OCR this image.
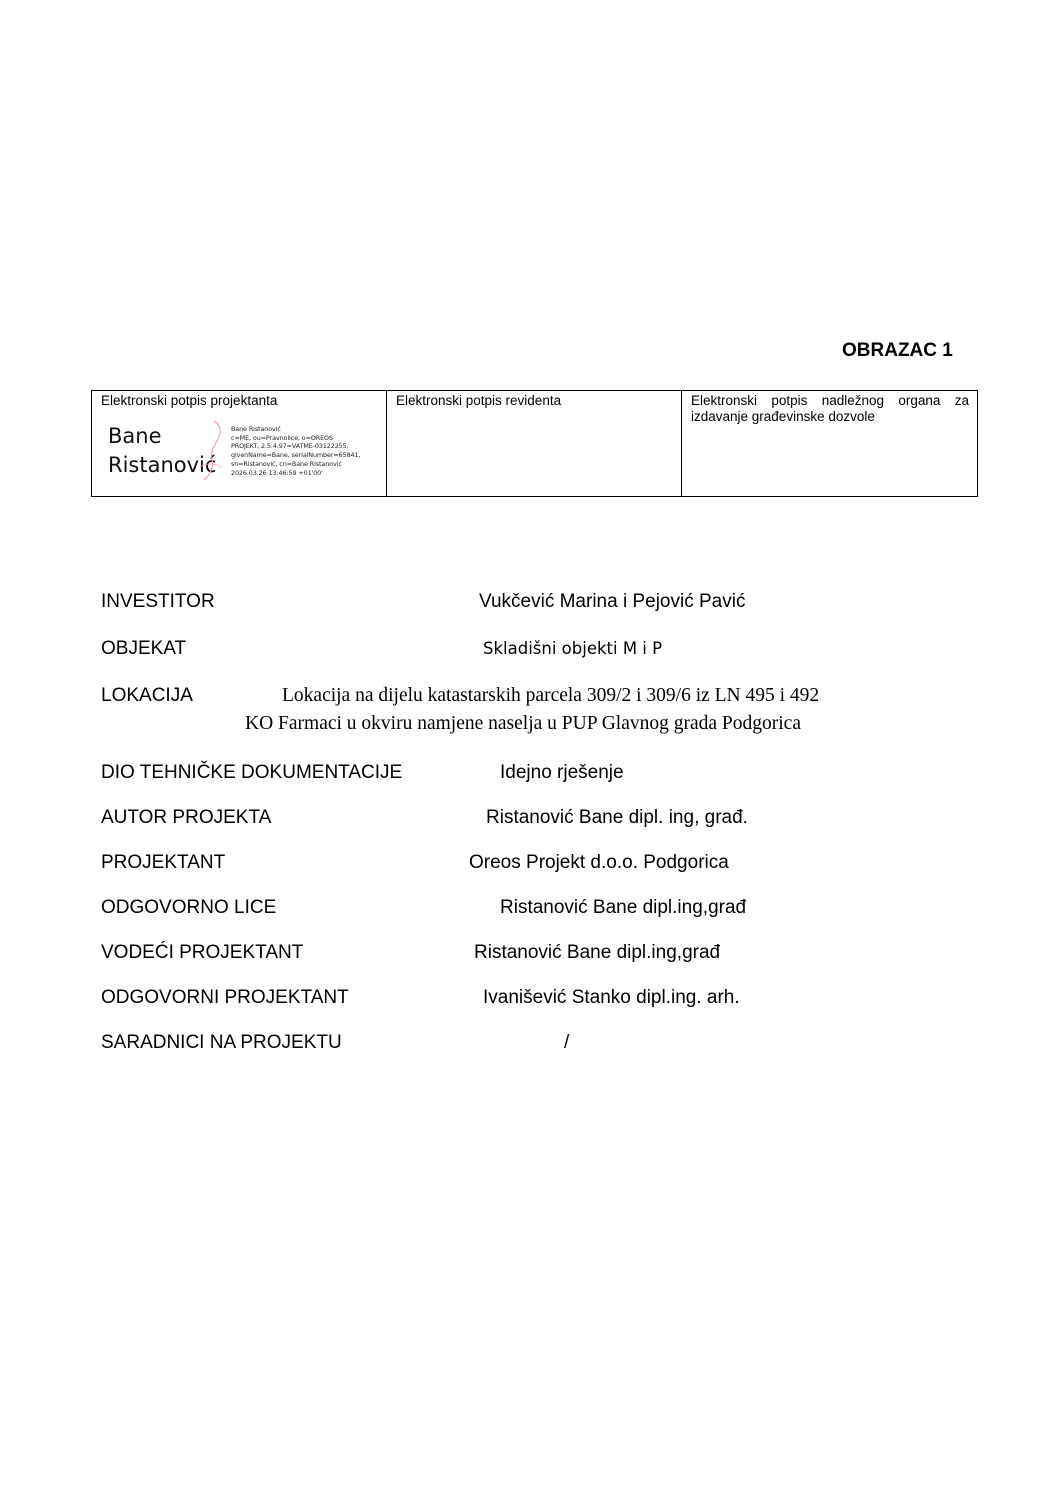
OBRAZAC 1
Elektronski potpis projektanta
Bane
Ristanović
Bane Ristanović
c=ME, ou=Pravnolice, o=OREOS
PROJEKT, 2.5.4.97=VATME-03122255,
givenName=Bane, serialNumber=65841,
sn=Ristanović, cn=Bane Ristanović
2026.03.26 13:46:59 +01'00'

Elektronski potpis revidenta	Elektronski potpis nadležnog organa za izdavanje građevinske dozvole
INVESTITOR	Vukčević Marina i Pejović Pavić
OBJEKAT	Skladišni objekti M i P
LOKACIJA	Lokacija na dijelu katastarskih parcela 309/2 i 309/6 iz LN 495 i 492
KO Farmaci u okviru namjene naselja u PUP Glavnog grada Podgorica
DIO TEHNIČKE DOKUMENTACIJE	Idejno rješenje
AUTOR PROJEKTA	Ristanović Bane dipl. ing, građ.
PROJEKTANT	Oreos Projekt d.o.o. Podgorica
ODGOVORNO LICE	Ristanović Bane dipl.ing,građ
VODEĆI PROJEKTANT	Ristanović Bane dipl.ing,građ
ODGOVORNI PROJEKTANT	Ivanišević Stanko dipl.ing. arh.
SARADNICI NA PROJEKTU	/
